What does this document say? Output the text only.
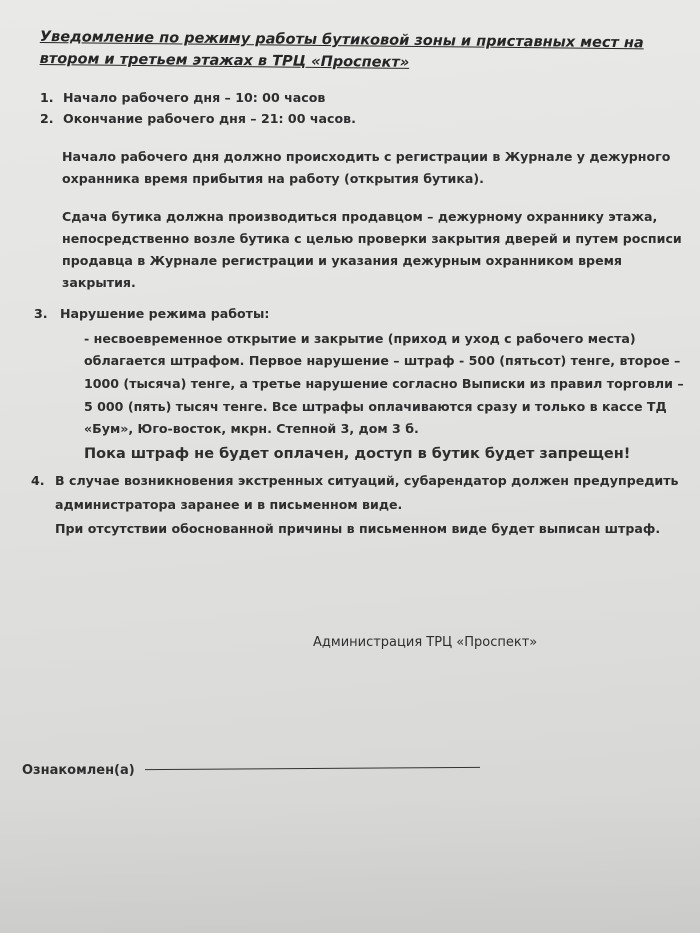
Уведомление по режиму работы бутиковой зоны и приставных мест на
втором и третьем этажах в ТРЦ «Проспект»
1. Начало рабочего дня – 10: 00 часов
2. Окончание рабочего дня – 21: 00 часов.
Начало рабочего дня должно происходить с регистрации в Журнале у дежурного
охранника время прибытия на работу (открытия бутика).
Сдача бутика должна производиться продавцом – дежурному охраннику этажа,
непосредственно возле бутика с целью проверки закрытия дверей и путем росписи
продавца в Журнале регистрации и указания дежурным охранником время
закрытия.
3. Нарушение режима работы:
- несвоевременное открытие и закрытие (приход и уход с рабочего места)
облагается штрафом. Первое нарушение – штраф - 500 (пятьсот) тенге, второе –
1000 (тысяча) тенге, а третье нарушение согласно Выписки из правил торговли –
5 000 (пять) тысяч тенге. Все штрафы оплачиваются сразу и только в кассе ТД
«Бум», Юго-восток, мкрн. Степной 3, дом 3 б.
Пока штраф не будет оплачен, доступ в бутик будет запрещен!
4. В случае возникновения экстренных ситуаций, субарендатор должен предупредить
администратора заранее и в письменном виде.
При отсутствии обоснованной причины в письменном виде будет выписан штраф.
Администрация ТРЦ «Проспект»
Ознакомлен(а)
